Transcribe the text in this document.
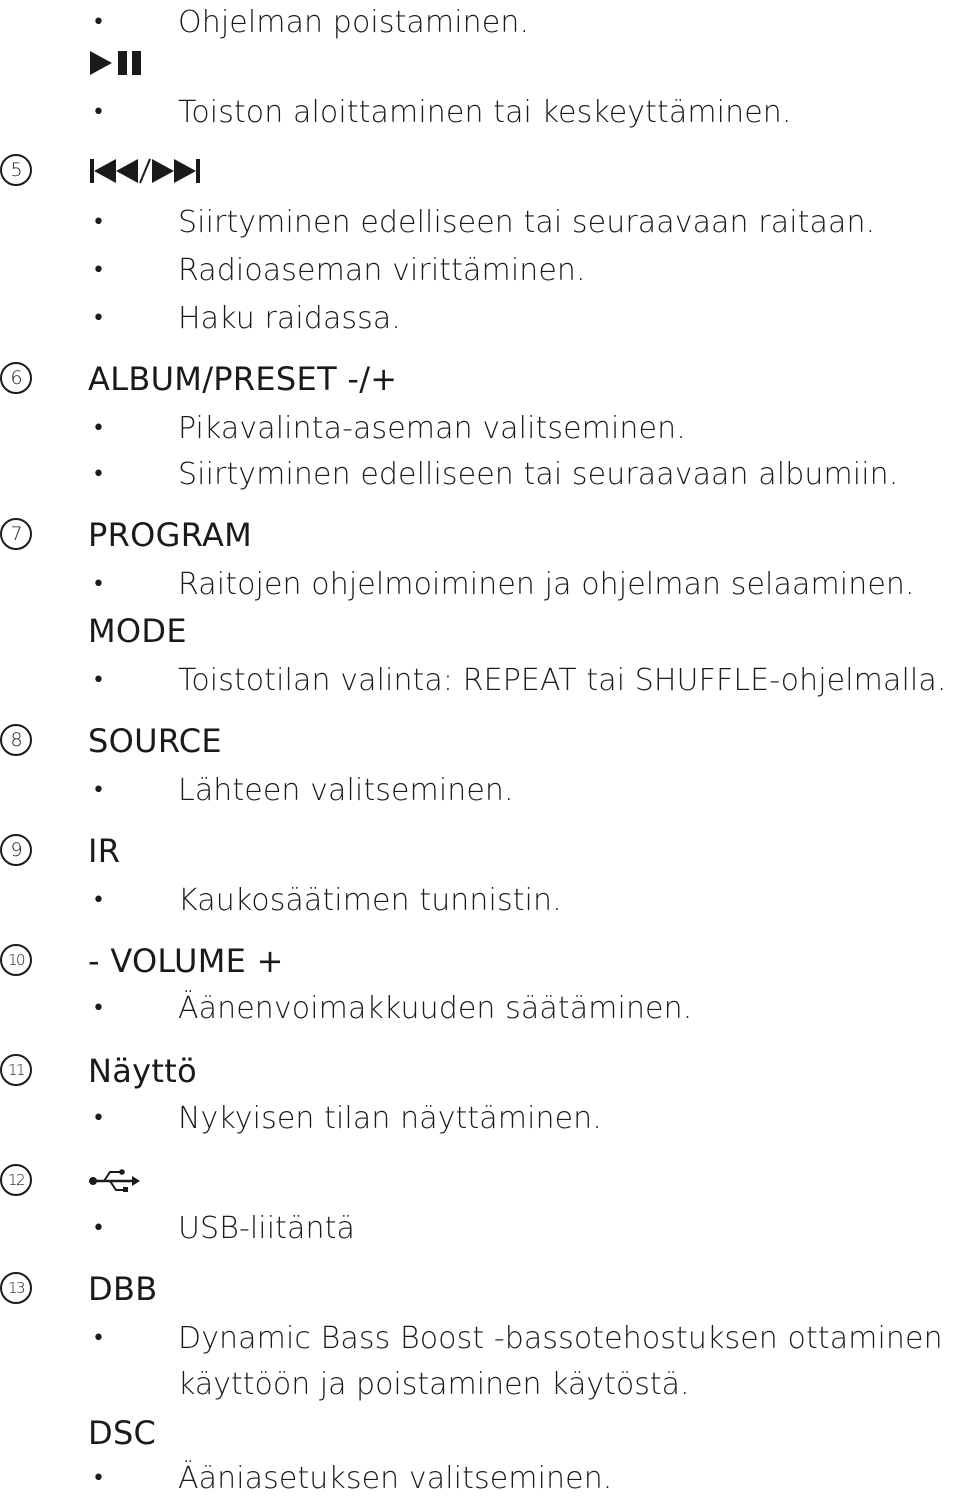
• Ohjelman poistaminen.
• Toiston aloittaminen tai keskeyttäminen.
5
• Siirtyminen edelliseen tai seuraavaan raitaan.
• Radioaseman virittäminen.
• Haku raidassa.
6	ALBUM/PRESET -/+
• Pikavalinta-aseman valitseminen.
• Siirtyminen edelliseen tai seuraavaan albumiin.
7	PROGRAM
• Raitojen ohjelmoiminen ja ohjelman selaaminen.
MODE
• Toistotilan valinta: REPEAT tai SHUFFLE-ohjelmalla.
8	SOURCE
• Lähteen valitseminen.
9	IR
• Kaukosäätimen tunnistin.
10 - VOLUME +
• Äänenvoimakkuuden säätäminen.
11 Näyttö
• Nykyisen tilan näyttäminen.
12
• USB-liitäntä
13 DBB
• Dynamic Bass Boost -bassotehostuksen ottaminen
käyttöön ja poistaminen käytöstä.
DSC
• Ääniasetuksen valitseminen.
